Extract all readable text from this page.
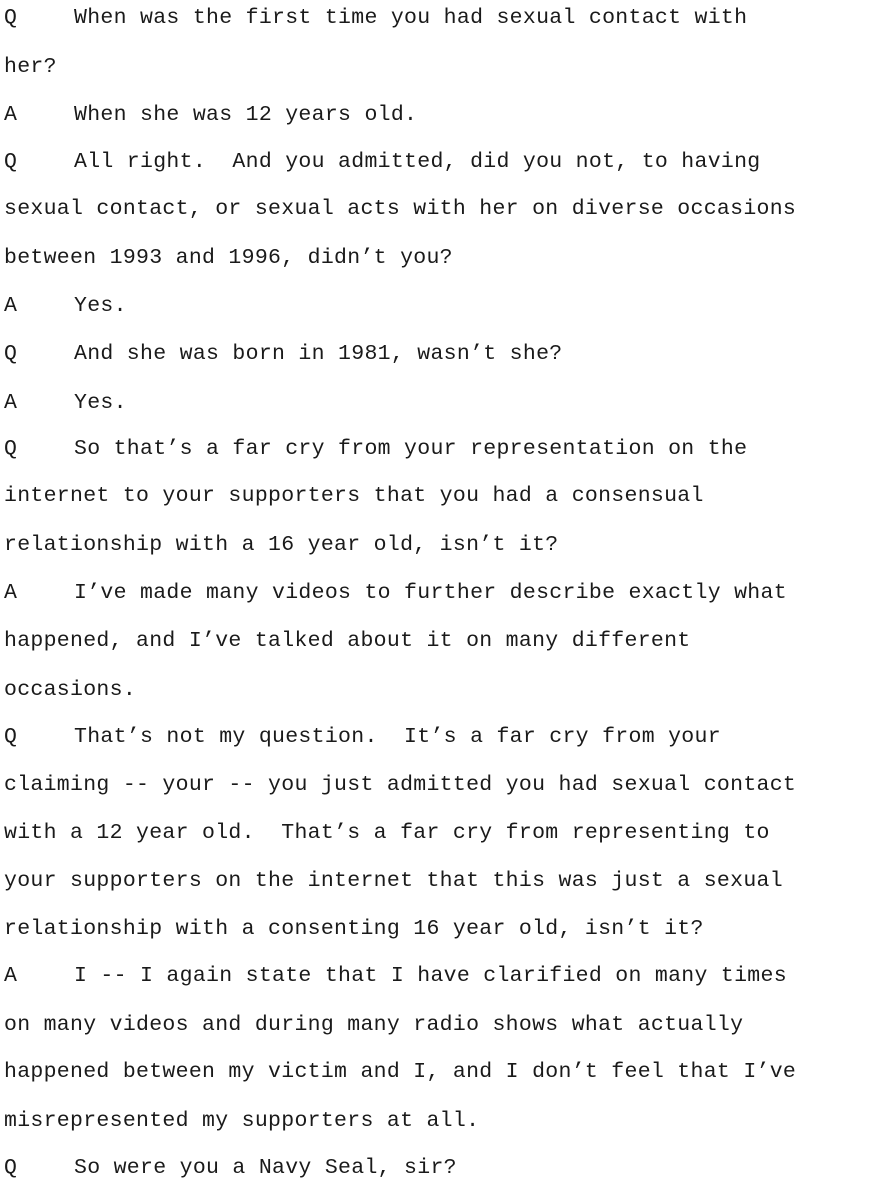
Q	When was the first time you had sexual contact with
her?
A	When she was 12 years old.
Q	All right.  And you admitted, did you not, to having
sexual contact, or sexual acts with her on diverse occasions
between 1993 and 1996, didn’t you?
A	Yes.
Q	And she was born in 1981, wasn’t she?
A	Yes.
Q	So that’s a far cry from your representation on the
internet to your supporters that you had a consensual
relationship with a 16 year old, isn’t it?
A	I’ve made many videos to further describe exactly what
happened, and I’ve talked about it on many different
occasions.
Q	That’s not my question.  It’s a far cry from your
claiming -- your -- you just admitted you had sexual contact
with a 12 year old.  That’s a far cry from representing to
your supporters on the internet that this was just a sexual
relationship with a consenting 16 year old, isn’t it?
A	I -- I again state that I have clarified on many times
on many videos and during many radio shows what actually
happened between my victim and I, and I don’t feel that I’ve
misrepresented my supporters at all.
Q	So were you a Navy Seal, sir?
